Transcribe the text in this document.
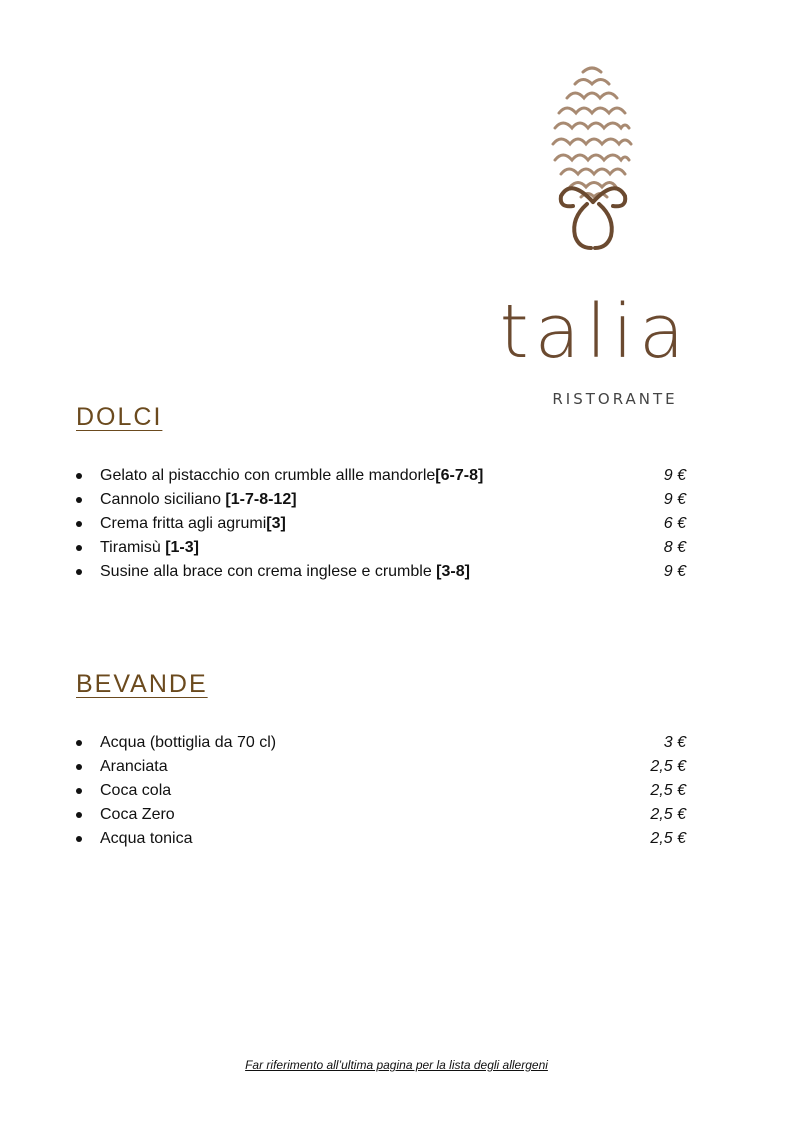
talia
RISTORANTE
DOLCI
Gelato al pistacchio con crumble allle mandorle[6-7-8]	9 €
Cannolo siciliano [1-7-8-12]	9 €
Crema fritta agli agrumi[3]	6 €
Tiramisù [1-3]	8 €
Susine alla brace con crema inglese e crumble [3-8]	9 €
BEVANDE
Acqua (bottiglia da 70 cl)	3 €
Aranciata	2,5 €
Coca cola	2,5 €
Coca Zero	2,5 €
Acqua tonica	2,5 €
Far riferimento all’ultima pagina per la lista degli allergeni
